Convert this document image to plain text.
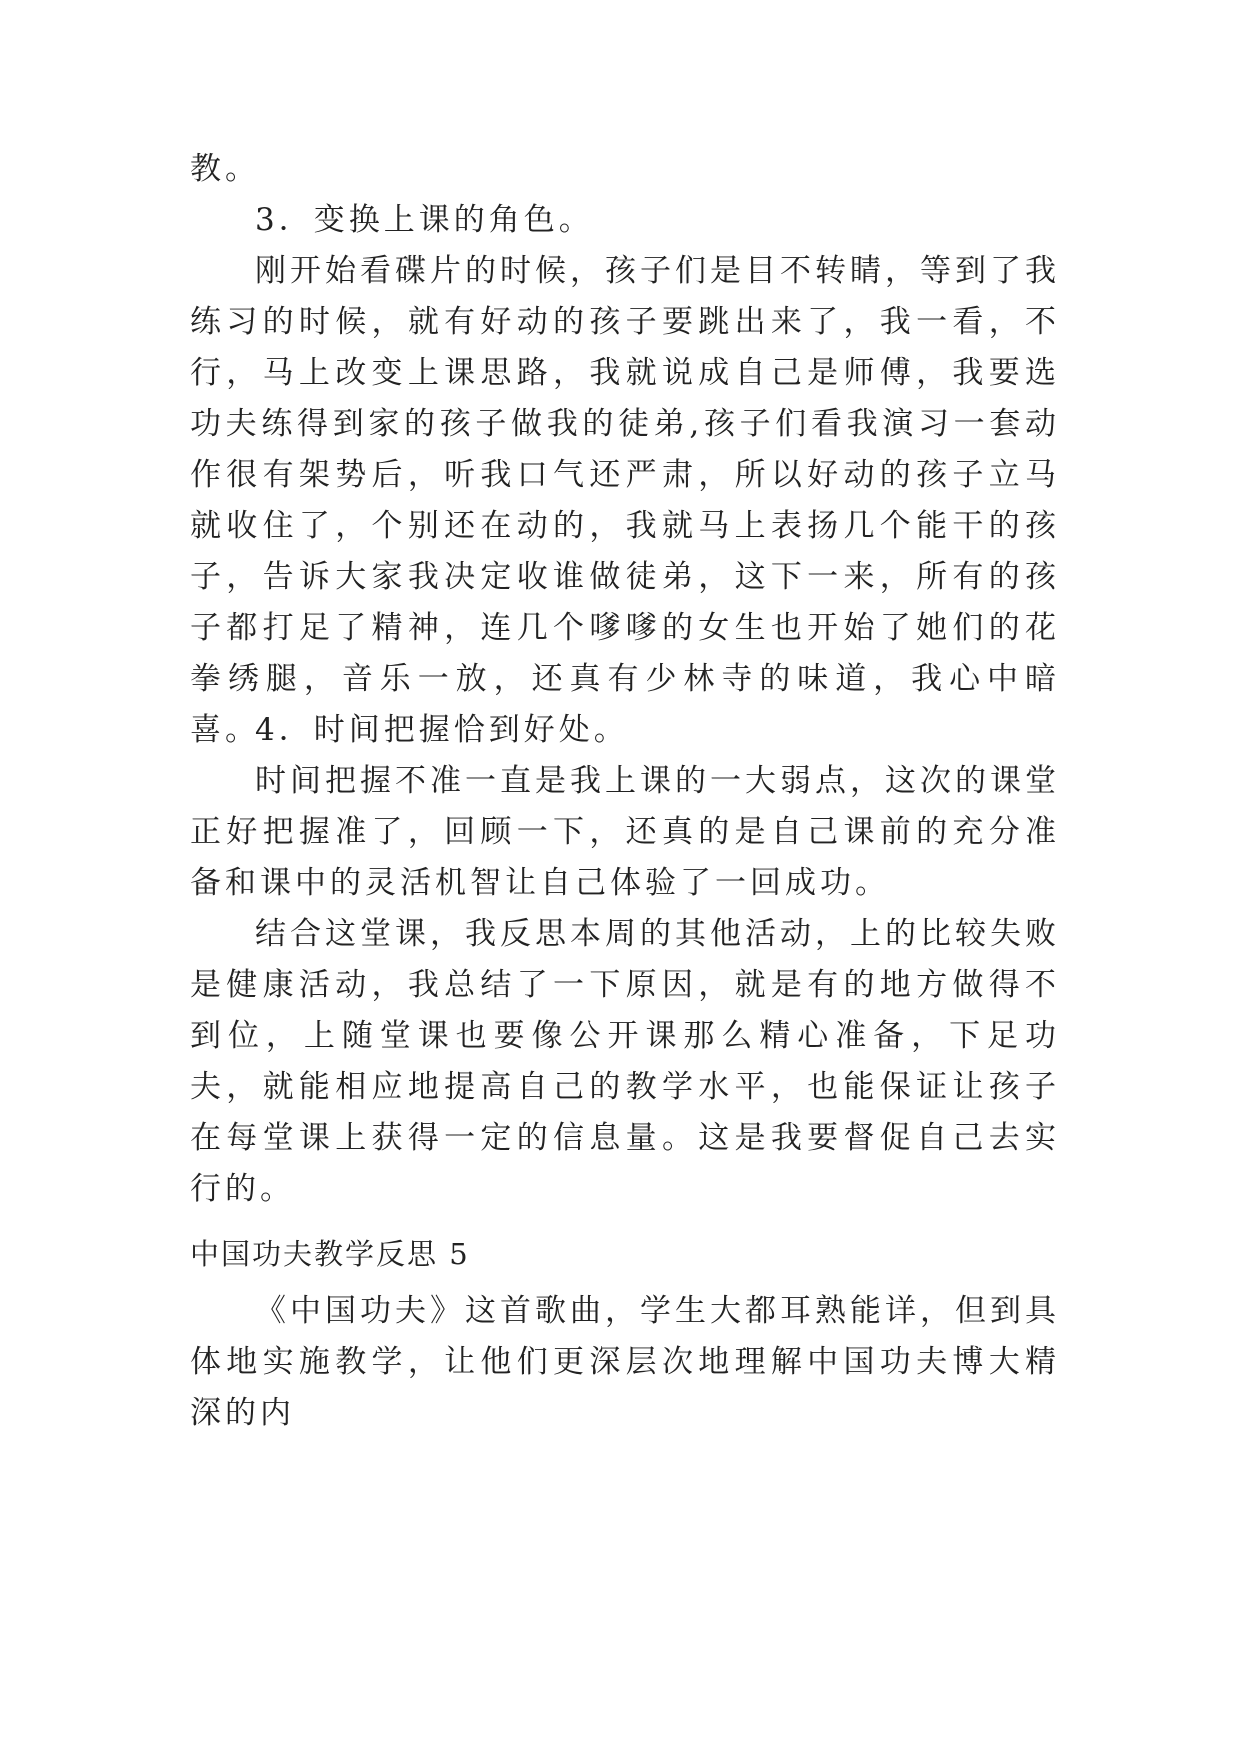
教。
3．变换上课的角色。
刚开始看碟片的时候，孩子们是目不转睛，等到了我练习的时候，就有好动的孩子要跳出来了，我一看，不行，马上改变上课思路，我就说成自己是师傅，我要选功夫练得到家的孩子做我的徒弟,孩子们看我演习一套动作很有架势后，听我口气还严肃，所以好动的孩子立马就收住了，个别还在动的，我就马上表扬几个能干的孩子，告诉大家我决定收谁做徒弟，这下一来，所有的孩子都打足了精神，连几个嗲嗲的女生也开始了她们的花拳绣腿，音乐一放，还真有少林寺的味道，我心中暗喜。
4．时间把握恰到好处。
时间把握不准一直是我上课的一大弱点，这次的课堂正好把握准了，回顾一下，还真的是自己课前的充分准备和课中的灵活机智让自己体验了一回成功。
结合这堂课，我反思本周的其他活动，上的比较失败是健康活动，我总结了一下原因，就是有的地方做得不到位，上随堂课也要像公开课那么精心准备，下足功夫，就能相应地提高自己的教学水平，也能保证让孩子在每堂课上获得一定的信息量。这是我要督促自己去实行的。
中国功夫教学反思 5
《中国功夫》这首歌曲，学生大都耳熟能详，但到具体地实施教学，让他们更深层次地理解中国功夫博大精深的内
